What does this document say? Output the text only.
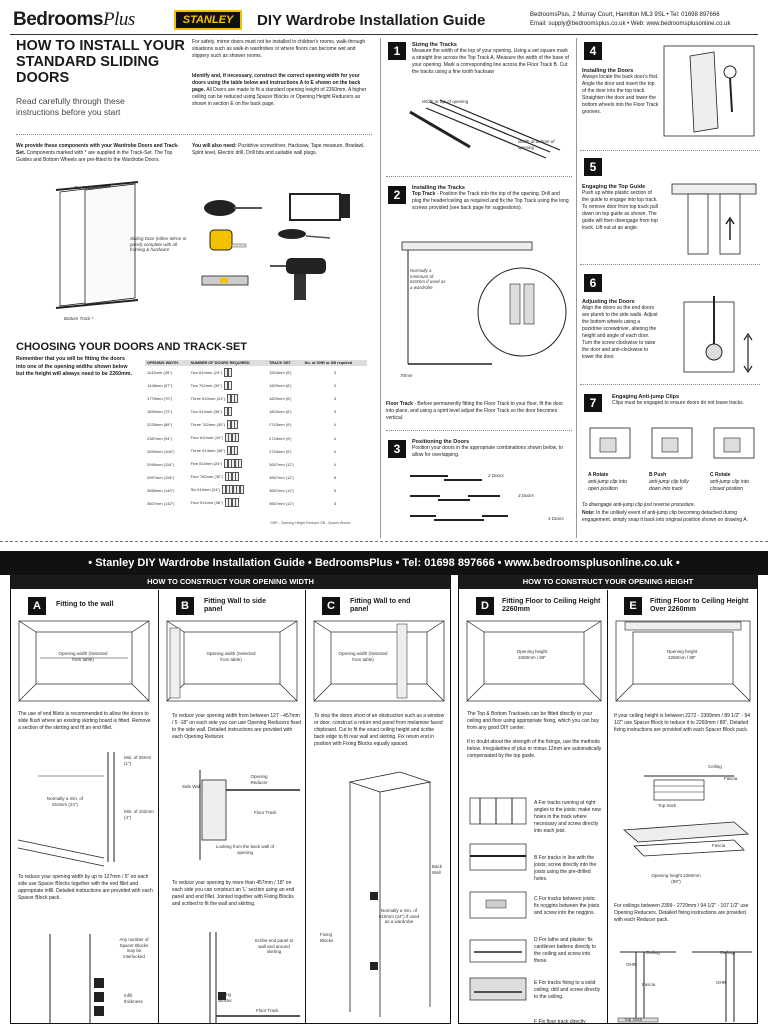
BedroomsPlus	STANLEY	DIY Wardrobe Installation Guide	BedroomsPlus, 2 Murray Court, Hamilton ML3 9SL • Tel: 01698 897666
Email: supply@bedroomsplus.co.uk • Web: www.bedroomsplusonline.co.uk
HOW TO INSTALL YOUR STANDARD SLIDING DOORS
Read carefully through these instructions before you start
For safety, mirror doors must not be installed in children's rooms, walk-through situations such as walk-in wardrobes or where floors can become wet and slippery such as shower rooms.
Identify and, if necessary, construct the correct opening width for your doors using the table below and instructions A to E shown on the back page. All Doors are made to fit a standard opening height of 2260mm. A higher ceiling can be reduced using Spacer Blocks or Opening Height Reducers as shown in section E on the back page.
We provide these components with your Wardrobe Doors and Track-Set. Components marked with * are supplied in the Track-Set. The Top Guides and Bottom Wheels are pre-fitted to the Wardrobe Doors.
You will also need: Pozidrive screwdriver, Hacksaw, Tape measure, Bradawl, Spirit level, Electric drill, Drill bits and suitable wall plugs.
Top Track *
Bottom Track *
Sliding Door (either Mirror or panel) complete with all framing & hardware
CHOOSING YOUR DOORS AND TRACK-SET
Remember that you will be fitting the doors into one of the opening widths shown below but the height will always need to be 2260mm.
OPENING WIDTH	NUMBER OF DOORS REQUIRED	TRACK SET	No. of OHR or SB required
1143mm (45")	Two 610mm (24")	1524mm (5')	3
1448mm (57")	Two 762mm (30")	1829mm (6')	3
1778mm (70")	Three 610mm (24")	1829mm (6')	3
1840mm (72")	Two 914mm (36")	1829mm (6')	3
2235mm (88")	Three 762mm (30")	2743mm (9')	4
2387mm (94")	Four 610mm (24")	2743mm (9')	4
2690mm (106")	Three 914mm (36")	2743mm (9')	4
2946mm (116")	Five 610mm (24")	3657mm (12')	4
2997mm (118")	Four 762mm (30")	3657mm (12')	5
3556mm (140")	Six 610mm (24")	3657mm (12')	5
3607mm (142")	Four 914mm (36")	3657mm (12')	5
OHR - Opening Height Reducer SB - Spacer Blocks
1	Sizing the Tracks
Measure the width of the top of your opening. Using a set square mark a straight line across the Top Track A. Measure the width of the base of your opening. Mark a corresponding line across the Floor Track B. Cut the tracks using a fine tooth hacksaw
Width at top of opening
Width at bottom of opening
2	Installing the Tracks
Top Track - Position the Track into the top of the opening. Drill and plug the header/ceiling as required and fix the Top Track using the long screws provided (see back page for suggestions).
Normally a minimum of 610mm if used as a wardrobe
70mm
Floor Track - Before permanently fitting the Floor Track to your floor, fit the door into place, and using a spirit level adjust the Floor Track so the door becomes vertical.
3	Positioning the Doors
Position your doors in the appropriate combinations shown below, to allow for overlapping.
2 Doors
3 Doors
4 Doors
4
Installing the Doors
Always locate the back door's first. Angle the door and insert the top of the door into the top track. Straighten the door and lower the bottom wheels into the Floor Track grooves.
5
Engaging the Top Guide
Push up white plastic section of the guide to engage into top track. To remove door from top track pull down on top guide as shown. The guide will then disengage from top track. Lift out at an angle.
6
Adjusting the Doors
Align the doors so the end doors are plumb to the side walls. Adjust the bottom wheels using a pozidrive screwdriver, altering the height and angle of each door. Turn the screw clockwise to raise the door and anti-clockwise to lower the door.
7	Engaging Anti-jump Clips
Clips must be engaged to ensure doors do not leave tracks.
A Rotate
anti-jump clip into open position
B Push
anti-jump clip fully down into track
C Rotate
anti-jump clip into closed position
To disengage anti-jump clip just reverse procedure.
Note: In the unlikely event of anti-jump clip becoming detached during engagement, simply snap it back into original position shown on drawing A.
• Stanley DIY Wardrobe Installation Guide • BedroomsPlus • Tel: 01698 897666 • www.bedroomsplusonline.co.uk •
HOW TO CONSTRUCT YOUR OPENING WIDTH
A	Fitting to the wall
Opening width (Selected from table)
The use of end fillets is recommended to allow the doors to slide flush where an existing skirting board is fitted. Remove a section of the skirting and fit an end fillet.
Min. of 25mm (1")
Min. of 102mm (4")
Normally a min. of 610mm (24")
To reduce your opening width by up to 127mm / 5" on each side use Spacer Blocks together with the end fillet and appropriate infill. Detailed instructions are provided with each Spacer Block pack.
Any number of Spacer Blocks may be interlocked
Infill thickness
B	Fitting Wall to side panel
Opening width (Selected from table)
To reduce your opening width from between 127 - 457mm / 5 -18" on each side you can use Opening Reducers fixed to the side wall. Detailed instructions are provided with each Opening Reducer.
Side Wall
Opening Reducer
Floor Track
Looking from the back wall of opening
To reduce your opening by more than 457mm / 18" on each side you can construct an 'L' section using an end panel and end fillet. Jointed together with Fixing Blocks and scribed to fit the wall and skirting.
Scribe end panel to wall and around skirting
Fixing Blocks
Floor Track
C	Fitting Wall to end panel
Opening width (Selected from table)
To stop the doors short of an obstruction such as a window or door, construct a return end panel from melamine faced chipboard. Cut to fit the exact ceiling height and scribe back edge to fit rear wall and skirting. Fix return end in position with Fixing Blocks equally spaced.
Back Wall
Normally a min. of 610mm (24") if used as a wardrobe
Fixing Blocks
HOW TO CONSTRUCT YOUR OPENING HEIGHT
D	Fitting Floor to Ceiling Height 2260mm
Opening height 2260mm / 89"
The Top & Bottom Tracksets can be fitted directly to your ceiling and floor using appropriate fixing, which you can buy from any good DIY center.
If in doubt about the strength of the fixings, use the methods below. Irregularities of plus or minus 12mm are automatically compensated by the top guide.
A For tracks running at right angles to the joists; make new holes in the track where necessary and screw directly into each joist.
B For tracks in line with the joists; screw directly into the joists using the pre-drilled holes.
C For tracks between joists; fix noggins between the joists and screw into the noggins.
D For lathe and plaster; fix cantilever battens directly to the ceiling and screw into these.
E For tracks fixing to a solid ceiling; drill and screw directly to the ceiling.
F Fix floor track directly
E	Fitting Floor to Ceiling Height Over 2260mm
Opening height 2260mm / 89"
If your ceiling height is between 2272 - 2399mm / 89 1/2" - 94 1/2" use Spacer Block to reduce it to 2260mm / 89". Detailed fixing instructions are provided with each Spacer Block pack.
Ceiling
Fascia
Top track
Fascia
Opening height 2260mm (89")
For ceilings between 2399 - 2729mm / 94 1/2" - 107 1/2" use Opening Reducers. Detailed fixing instructions are provided with each Reducer pack.
Ceiling	Ceiling
OHR
OHR
Fascia
Top track
